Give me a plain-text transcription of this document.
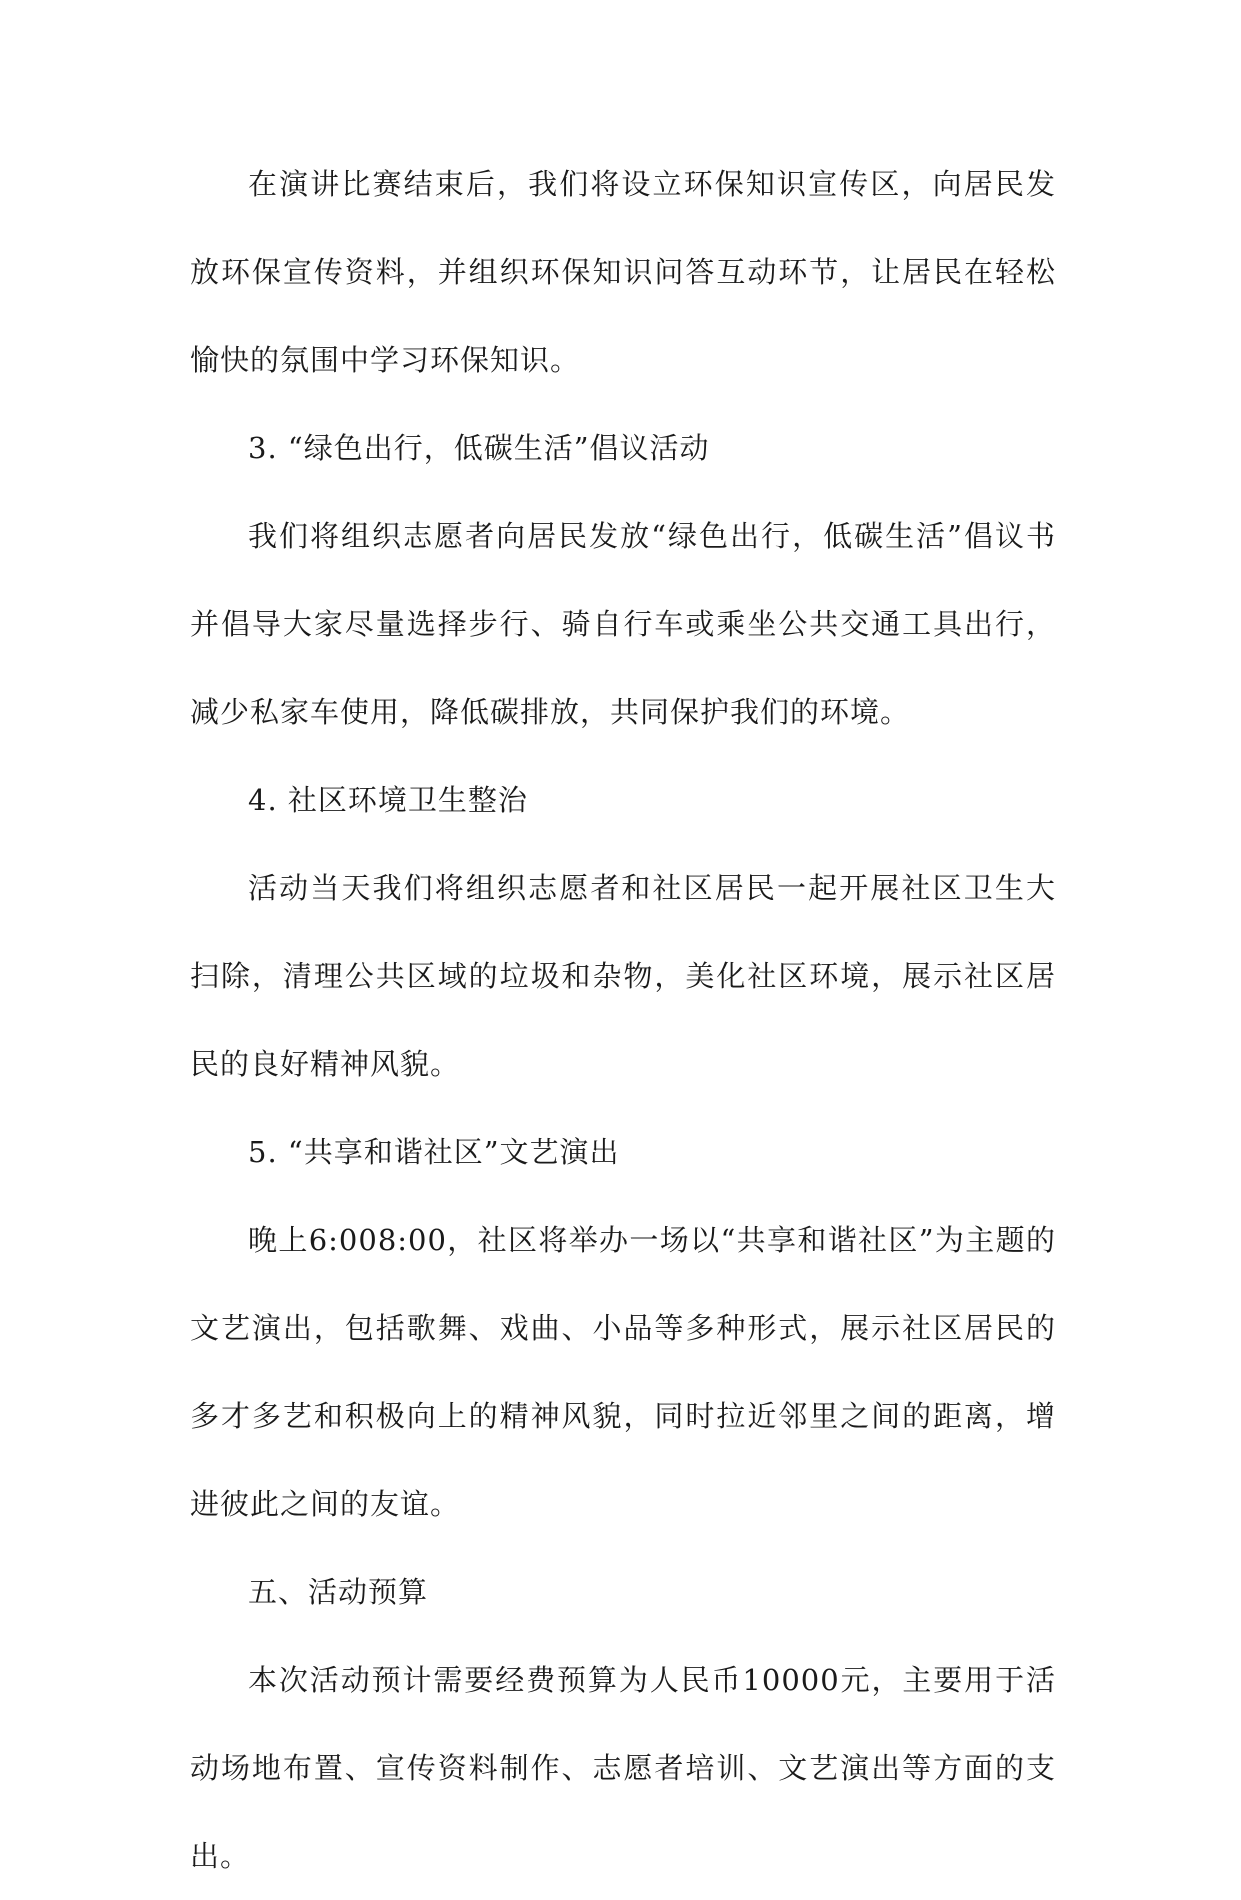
在演讲比赛结束后，我们将设立环保知识宣传区，向居民发放环保宣传资料，并组织环保知识问答互动环节，让居民在轻松愉快的氛围中学习环保知识。

3. “绿色出行，低碳生活”倡议活动

我们将组织志愿者向居民发放“绿色出行，低碳生活”倡议书并倡导大家尽量选择步行、骑自行车或乘坐公共交通工具出行，减少私家车使用，降低碳排放，共同保护我们的环境。

4. 社区环境卫生整治

活动当天我们将组织志愿者和社区居民一起开展社区卫生大扫除，清理公共区域的垃圾和杂物，美化社区环境，展示社区居民的良好精神风貌。

5. “共享和谐社区”文艺演出

晚上6:008:00，社区将举办一场以“共享和谐社区”为主题的文艺演出，包括歌舞、戏曲、小品等多种形式，展示社区居民的多才多艺和积极向上的精神风貌，同时拉近邻里之间的距离，增进彼此之间的友谊。

五、活动预算

本次活动预计需要经费预算为人民币10000元，主要用于活动场地布置、宣传资料制作、志愿者培训、文艺演出等方面的支出。
